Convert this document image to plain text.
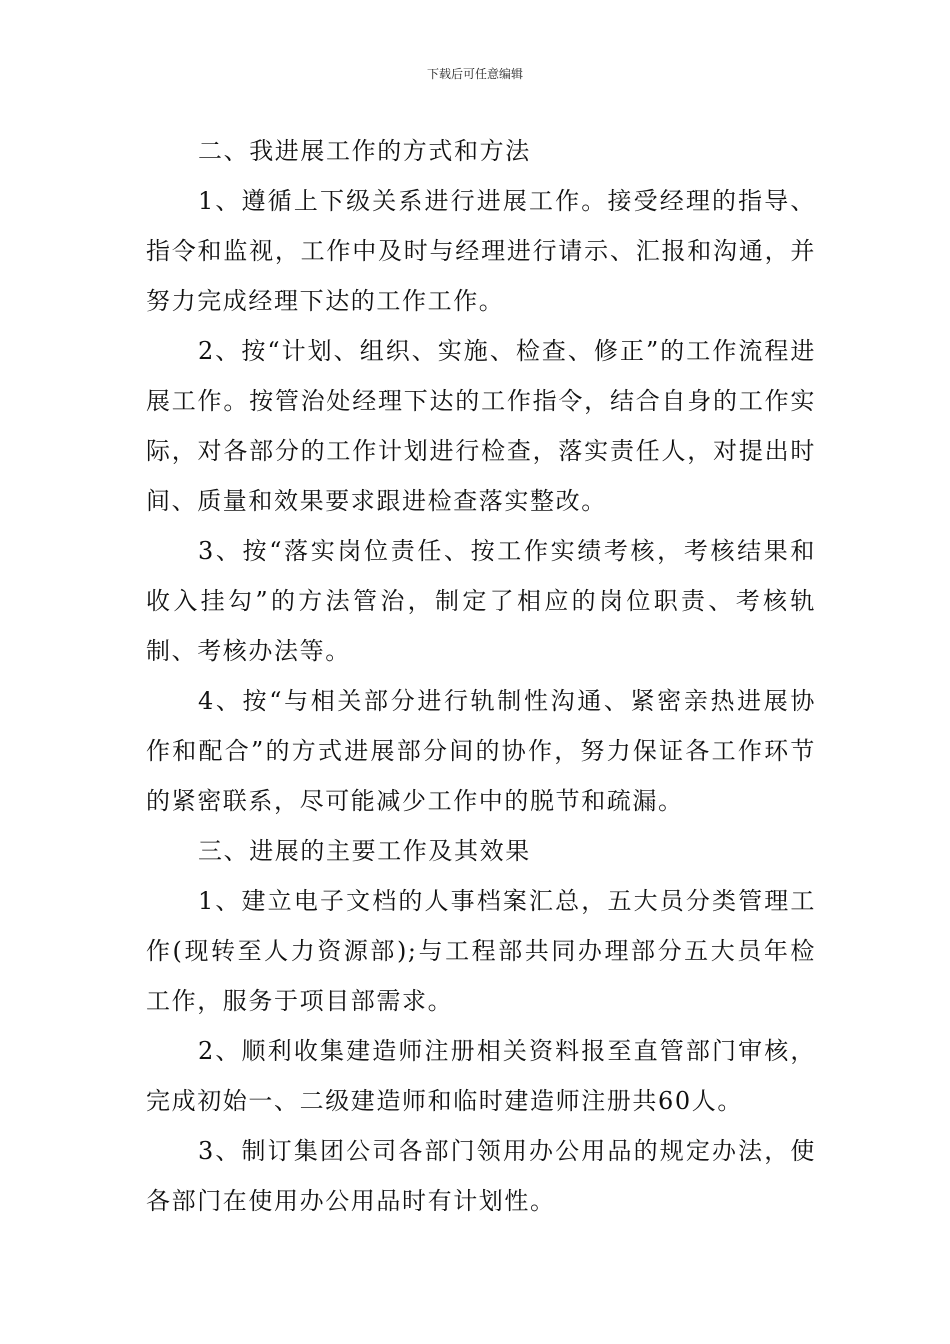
下载后可任意编辑

二、我进展工作的方式和方法

1、遵循上下级关系进行进展工作。接受经理的指导、指令和监视，工作中及时与经理进行请示、汇报和沟通，并努力完成经理下达的工作工作。

2、按“计划、组织、实施、检查、修正”的工作流程进展工作。按管治处经理下达的工作指令，结合自身的工作实际，对各部分的工作计划进行检查，落实责任人，对提出时间、质量和效果要求跟进检查落实整改。

3、按“落实岗位责任、按工作实绩考核，考核结果和收入挂勾”的方法管治，制定了相应的岗位职责、考核轨制、考核办法等。

4、按“与相关部分进行轨制性沟通、紧密亲热进展协作和配合”的方式进展部分间的协作，努力保证各工作环节的紧密联系，尽可能减少工作中的脱节和疏漏。

三、进展的主要工作及其效果

1、建立电子文档的人事档案汇总，五大员分类管理工作(现转至人力资源部);与工程部共同办理部分五大员年检工作，服务于项目部需求。

2、顺利收集建造师注册相关资料报至直管部门审核，完成初始一、二级建造师和临时建造师注册共60人。

3、制订集团公司各部门领用办公用品的规定办法，使各部门在使用办公用品时有计划性。
